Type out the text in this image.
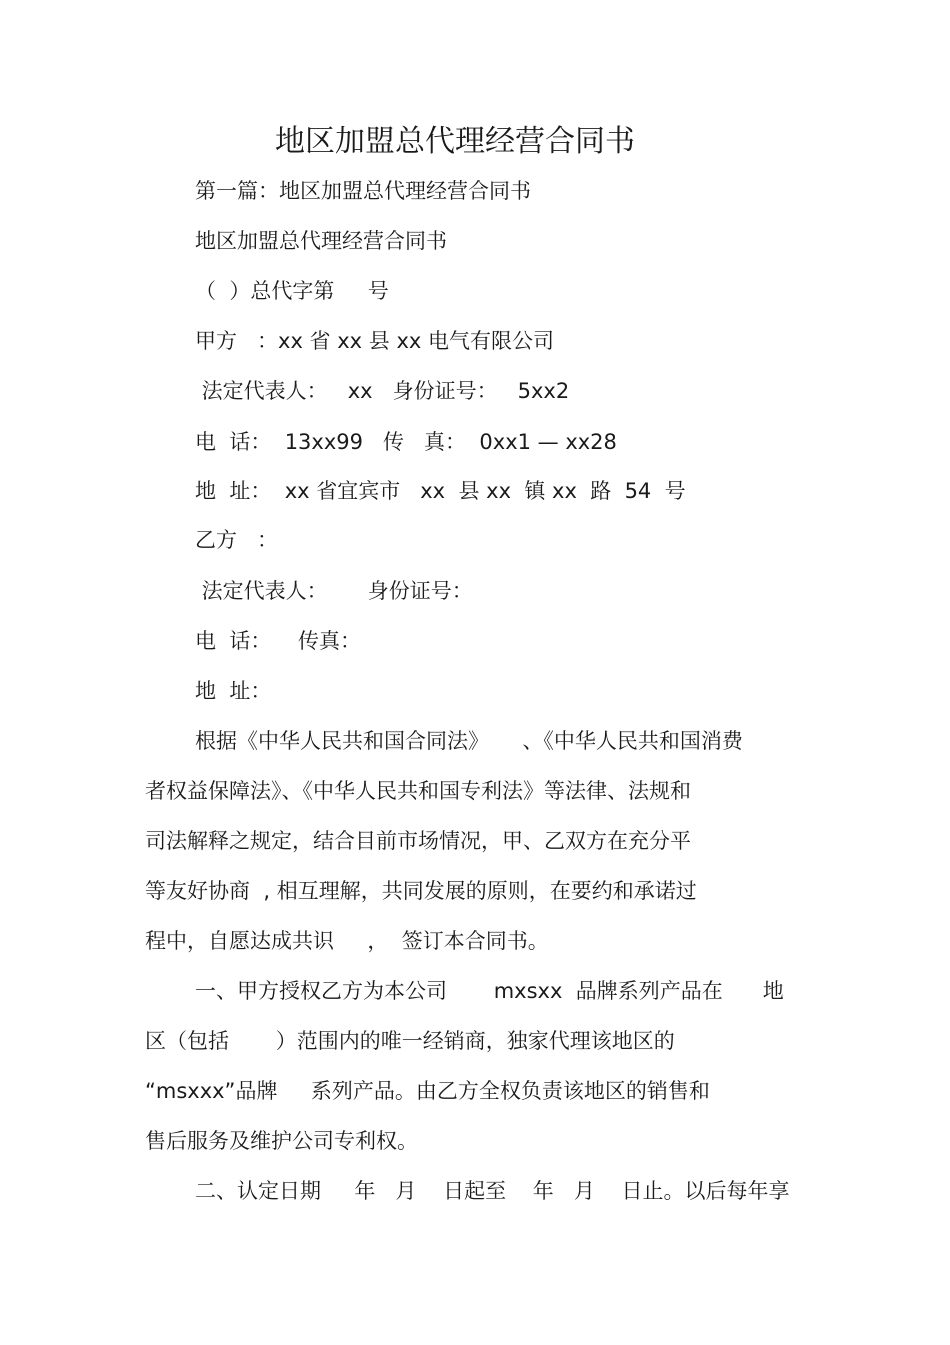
地区加盟总代理经营合同书
第一篇：地区加盟总代理经营合同书
地区加盟总代理经营合同书
（  ）总代字第     号
甲方   ：xx 省 xx 县 xx 电气有限公司
法定代表人：   xx   身份证号：   5xx2
电  话：  13xx99   传   真：  0xx1 — xx28
地  址：  xx 省宜宾市   xx  县 xx  镇 xx  路  54  号
乙方   ：
法定代表人：      身份证号：
电  话：    传真：
地  址：
根据《中华人民共和国合同法》     、《中华人民共和国消费
者权益保障法》、《中华人民共和国专利法》等法律、法规和
司法解释之规定，结合目前市场情况，甲、乙双方在充分平
等友好协商  , 相互理解，共同发展的原则，在要约和承诺过
程中，自愿达成共识     ，  签订本合同书。
一、甲方授权乙方为本公司       mxsxx  品牌系列产品在      地
区（包括       ）范围内的唯一经销商，独家代理该地区的
“msxxx”品牌     系列产品。由乙方全权负责该地区的销售和
售后服务及维护公司专利权。
二、认定日期     年   月    日起至    年   月    日止。以后每年享
